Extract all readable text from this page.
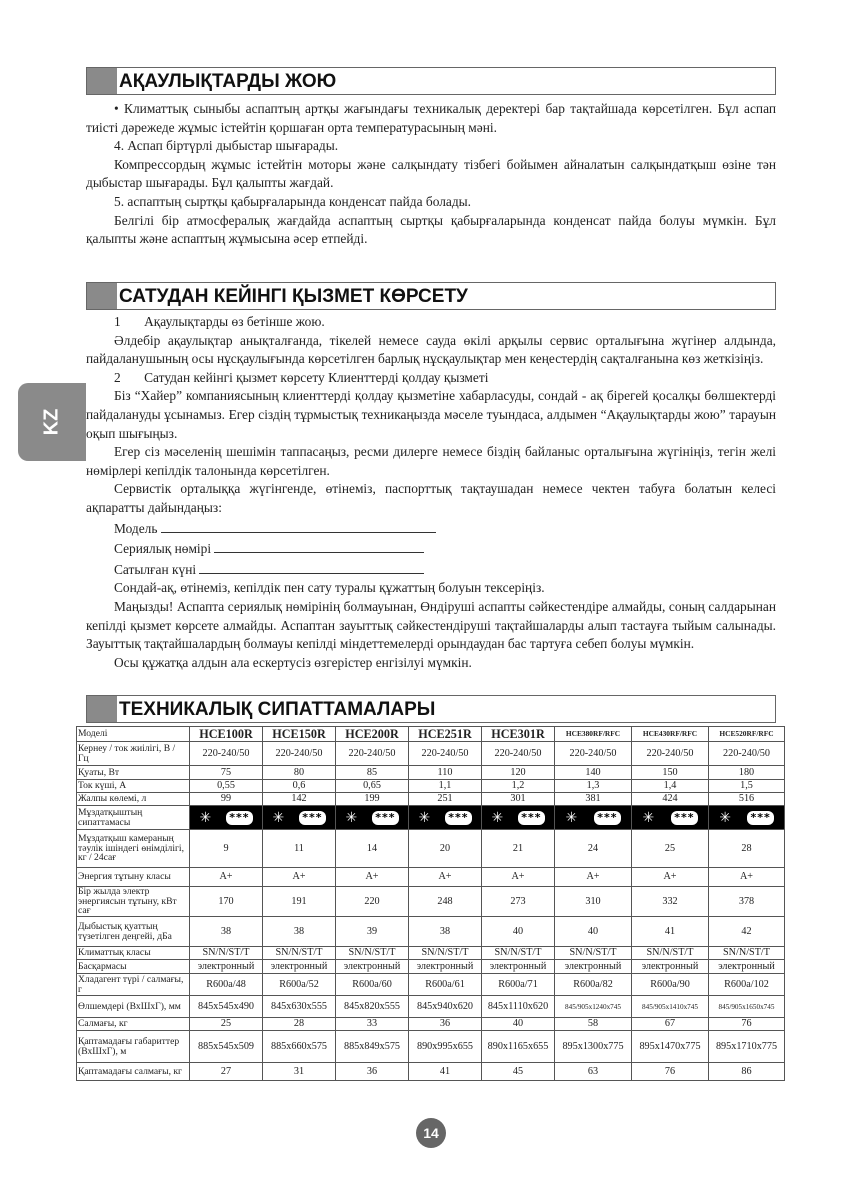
АҚАУЛЫҚТАРДЫ ЖОЮ

• Климаттық сыныбы аспаптың артқы жағындағы техникалық деректері бар тақтайшада көрсетілген. Бұл аспап тиісті дәрежеде жұмыс істейтін қоршаған орта температурасының мәні.

4. Аспап біртүрлі дыбыстар шығарады.

Компрессордың жұмыс істейтін моторы және салқындату тізбегі бойымен айналатын салқындатқыш өзіне тән дыбыстар шығарады. Бұл қалыпты жағдай.

5. аспаптың сыртқы қабырғаларында конденсат пайда болады.

Белгілі бір атмосфералық жағдайда аспаптың сыртқы қабырғаларында конденсат пайда болуы мүмкін. Бұл қалыпты және аспаптың жұмысына әсер етпейді.

KZ
САТУДАН КЕЙІНГІ ҚЫЗМЕТ КӨРСЕТУ

1       Ақаулықтарды өз бетінше жою.

Әлдебір ақаулықтар анықталғанда, тікелей немесе сауда өкілі арқылы сервис орталығына жүгінер алдында, пайдаланушының осы нұсқаулығында көрсетілген барлық нұсқаулықтар мен кеңестердің сақталғанына көз жеткізіңіз.

2       Сатудан кейінгі қызмет көрсету Клиенттерді қолдау қызметі

Біз “Хайер” компаниясының клиенттерді қолдау қызметіне хабарласуды, сондай - ақ бірегей қосалқы бөлшектерді пайдалануды ұсынамыз. Егер сіздің тұрмыстық техникаңызда мәселе туындаса, алдымен “Ақаулықтарды жою” тарауын оқып шығыңыз.

Егер сіз мәселенің шешімін таппасаңыз, ресми дилерге немесе біздің байланыс орталығына жүгініңіз, тегін желі нөмірлері кепілдік талонында көрсетілген.

Сервистік орталыққа жүгінгенде, өтінеміз, паспорттық тақтаушадан немесе чектен табуға болатын келесі ақпаратты дайындаңыз:

Модель

Сериялық нөмірі

Сатылған күні

Сондай-ақ, өтінеміз, кепілдік пен сату туралы құжаттың болуын тексеріңіз.

Маңызды! Аспапта сериялық нөмірінің болмауынан, Өндіруші аспапты сәйкестендіре алмайды, соның салдарынан кепілді қызмет көрсете алмайды. Аспаптан зауыттық сәйкестендіруші тақтайшаларды алып тастауға тыйым салынады. Зауыттық тақтайшалардың болмауы кепілді міндеттемелерді орындаудан бас тартуға себеп болуы мүмкін.

Осы құжатқа алдын ала ескертусіз өзгерістер енгізілуі мүмкін.

ТЕХНИКАЛЫҚ СИПАТТАМАЛАРЫ
Моделі	HCE100R	HCE150R	HCE200R	HCE251R	HCE301R	HCE380RF/RFC	HCE430RF/RFC	HCE520RF/RFC
Кернеу / ток жиілігі, В / Гц	220-240/50	220-240/50	220-240/50	220-240/50	220-240/50	220-240/50	220-240/50	220-240/50
Қуаты, Вт	75	80	85	110	120	140	150	180
Ток күші, А	0,55	0,6	0,65	1,1	1,2	1,3	1,4	1,5
Жалпы көлемі, л	99	142	199	251	301	381	424	516
Мұздатқыштың сипаттамасы	✳ ***	✳ ***	✳ ***	✳ ***	✳ ***	✳ ***	✳ ***	✳ ***

Мұздатқыш камераның тәулік ішіндегі өнімділігі, кг / 24сағ	9	11	14	20	21	24	25	28
Энергия тұтыну класы	A+	A+	A+	A+	A+	A+	A+	A+
Бір жылда электр энергиясын тұтыну, кВт сағ	170	191	220	248	273	310	332	378
Дыбыстық қуаттың түзетілген деңгейі, дБа	38	38	39	38	40	40	41	42
Климаттық класы	SN/N/ST/T	SN/N/ST/T	SN/N/ST/T	SN/N/ST/T	SN/N/ST/T	SN/N/ST/T	SN/N/ST/T	SN/N/ST/T
Басқармасы	электронный	электронный	электронный	электронный	электронный	электронный	электронный	электронный
Хладагент түрі / салмағы, г	R600a/48	R600a/52	R600a/60	R600a/61	R600a/71	R600a/82	R600a/90	R600a/102
Өлшемдері (ВхШхГ), мм	845x545x490	845x630x555	845x820x555	845x940x620	845x1110x620	845/905x1240x745	845/905x1410x745	845/905x1650x745
Салмағы, кг	25	28	33	36	40	58	67	76
Қаптамадағы габариттер (ВхШхГ), м	885x545x509	885x660x575	885x849x575	890x995x655	890x1165x655	895x1300x775	895x1470x775	895x1710x775
Қаптамадағы салмағы, кг	27	31	36	41	45	63	76	86
14
